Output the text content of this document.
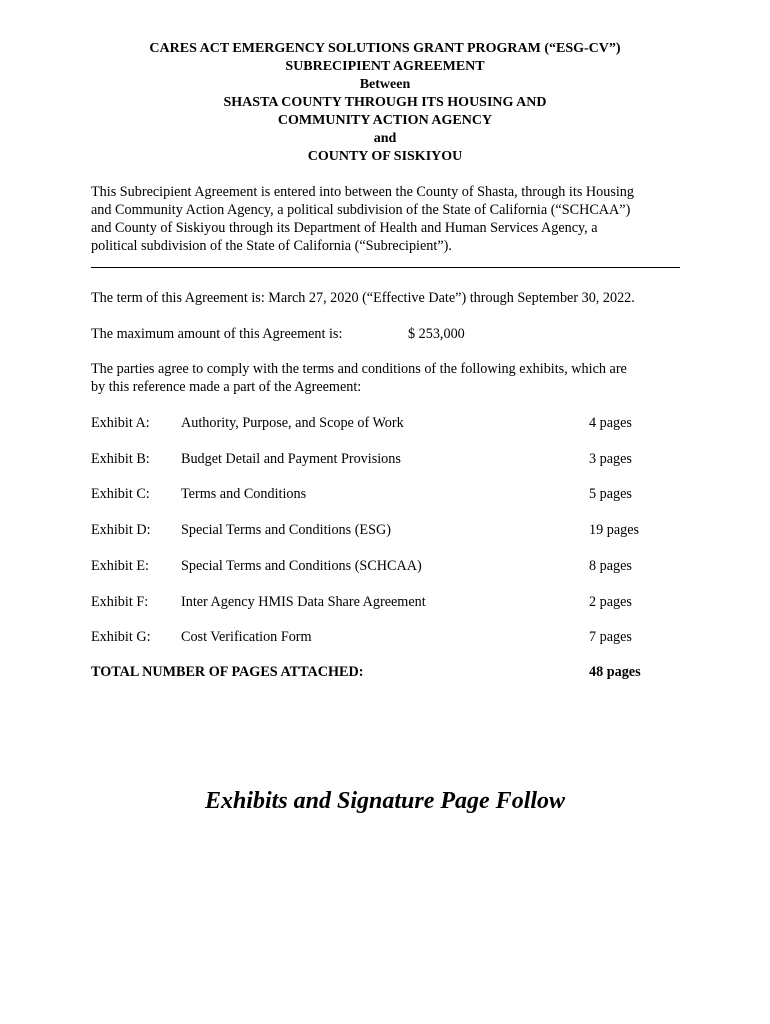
CARES ACT EMERGENCY SOLUTIONS GRANT PROGRAM (“ESG-CV”)
SUBRECIPIENT AGREEMENT
Between
SHASTA COUNTY THROUGH ITS HOUSING AND
COMMUNITY ACTION AGENCY
and
COUNTY OF SISKIYOU
This Subrecipient Agreement is entered into between the County of Shasta, through its Housing
and Community Action Agency, a political subdivision of the State of California (“SCHCAA”)
and County of Siskiyou through its Department of Health and Human Services Agency, a
political subdivision of the State of California (“Subrecipient”).
The term of this Agreement is: March 27, 2020 (“Effective Date”) through September 30, 2022.
The maximum amount of this Agreement is:	$ 253,000
The parties agree to comply with the terms and conditions of the following exhibits, which are
by this reference made a part of the Agreement:
Exhibit A: Authority, Purpose, and Scope of Work	4 pages
Exhibit B: Budget Detail and Payment Provisions	3 pages
Exhibit C: Terms and Conditions	5 pages
Exhibit D: Special Terms and Conditions (ESG)	19 pages
Exhibit E: Special Terms and Conditions (SCHCAA)	8 pages
Exhibit F: Inter Agency HMIS Data Share Agreement	2 pages
Exhibit G: Cost Verification Form	7 pages
TOTAL NUMBER OF PAGES ATTACHED:	48 pages
Exhibits and Signature Page Follow
